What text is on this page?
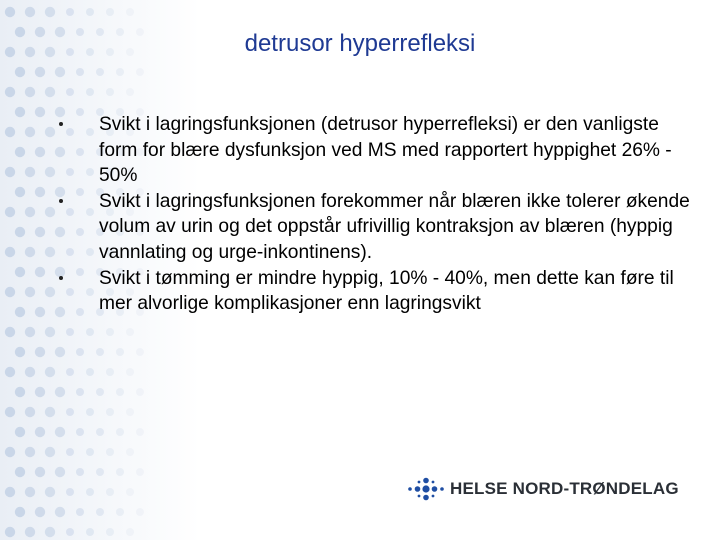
detrusor hyperrefleksi
Svikt i lagringsfunksjonen (detrusor hyperrefleksi) er den vanligste form for blære dysfunksjon ved MS med rapportert hyppighet 26% - 50%
Svikt i lagringsfunksjonen forekommer når blæren ikke tolerer økende volum av urin og det oppstår ufrivillig kontraksjon av blæren (hyppig vannlating og urge-inkontinens).
Svikt i tømming er mindre hyppig, 10% - 40%, men dette kan føre til mer alvorlige komplikasjoner enn lagringsvikt
HELSE NORD-TRØNDELAG
